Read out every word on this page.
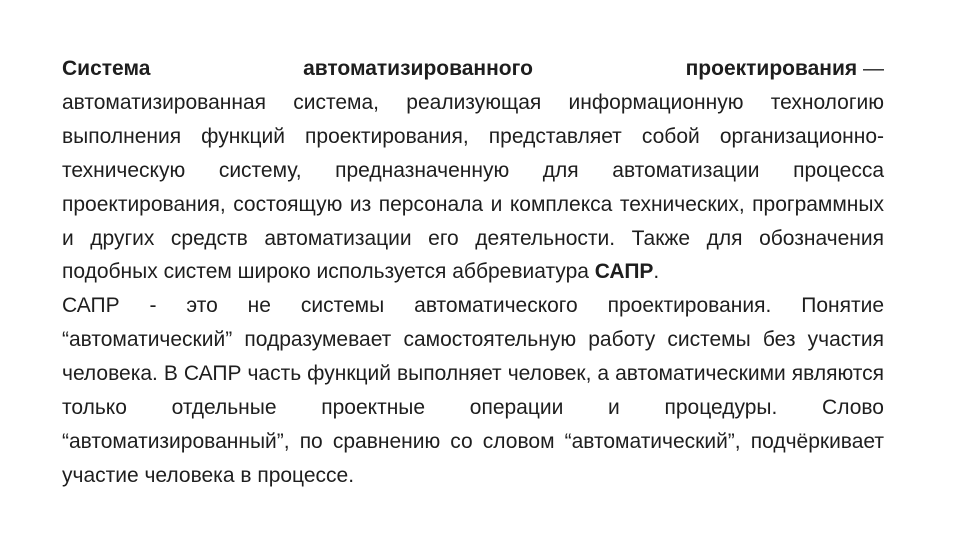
Система	автоматизированного	проектирования —
автоматизированная система, реализующая информационную технологию выполнения функций проектирования, представляет собой организационно-техническую систему, предназначенную для автоматизации процесса проектирования, состоящую из персонала и комплекса технических, программных и других средств автоматизации его деятельности. Также для обозначения подобных систем широко используется аббревиатура САПР.

САПР - это не системы автоматического проектирования. Понятие “автоматический” подразумевает самостоятельную работу системы без участия человека. В САПР часть функций выполняет человек, а автоматическими являются только отдельные проектные операции и процедуры. Слово “автоматизированный”, по сравнению со словом “автоматический”, подчёркивает участие человека в процессе.
